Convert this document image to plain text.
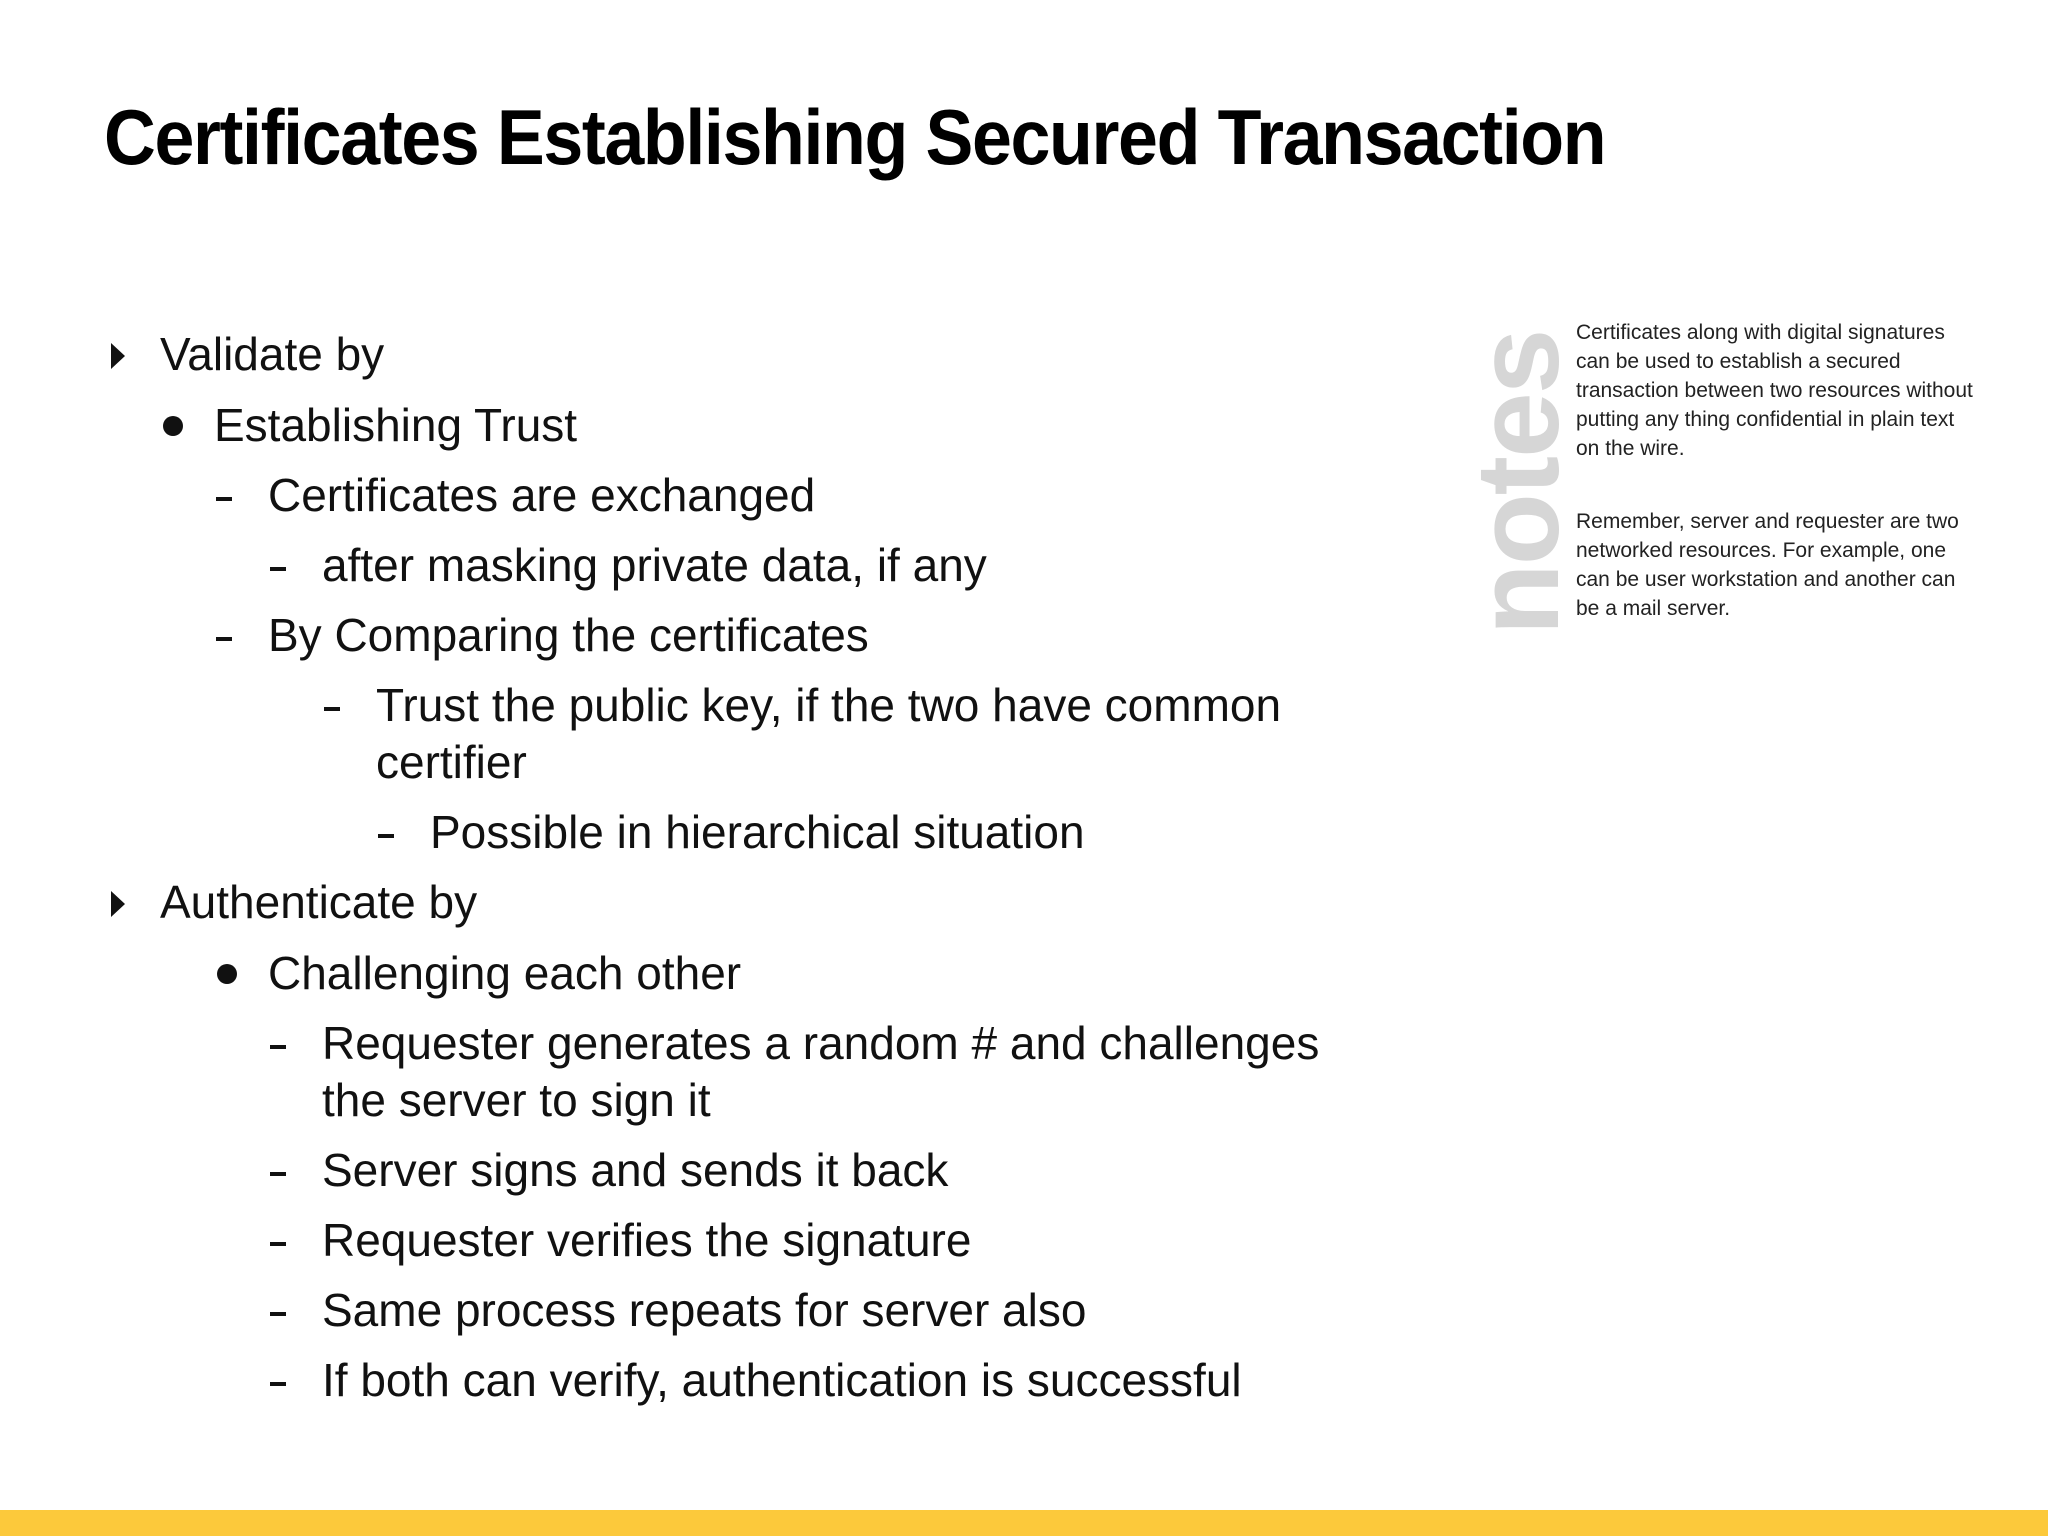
Certificates Establishing Secured Transaction
Validate by
Establishing Trust
Certificates are exchanged
after masking private data, if any
By Comparing the certificates
Trust the public key, if the two have common
certifier
Possible in hierarchical situation
Authenticate by
Challenging each other
Requester generates a random # and challenges
the server to sign it
Server signs and sends it back
Requester verifies the signature
Same process repeats for server also
If both can verify, authentication is successful
notes

Certificates along with digital signatures can be used to establish a secured transaction between two resources without putting any thing confidential in plain text on the wire.

Remember, server and requester are two networked resources. For example, one can be user workstation and another can be a mail server.
